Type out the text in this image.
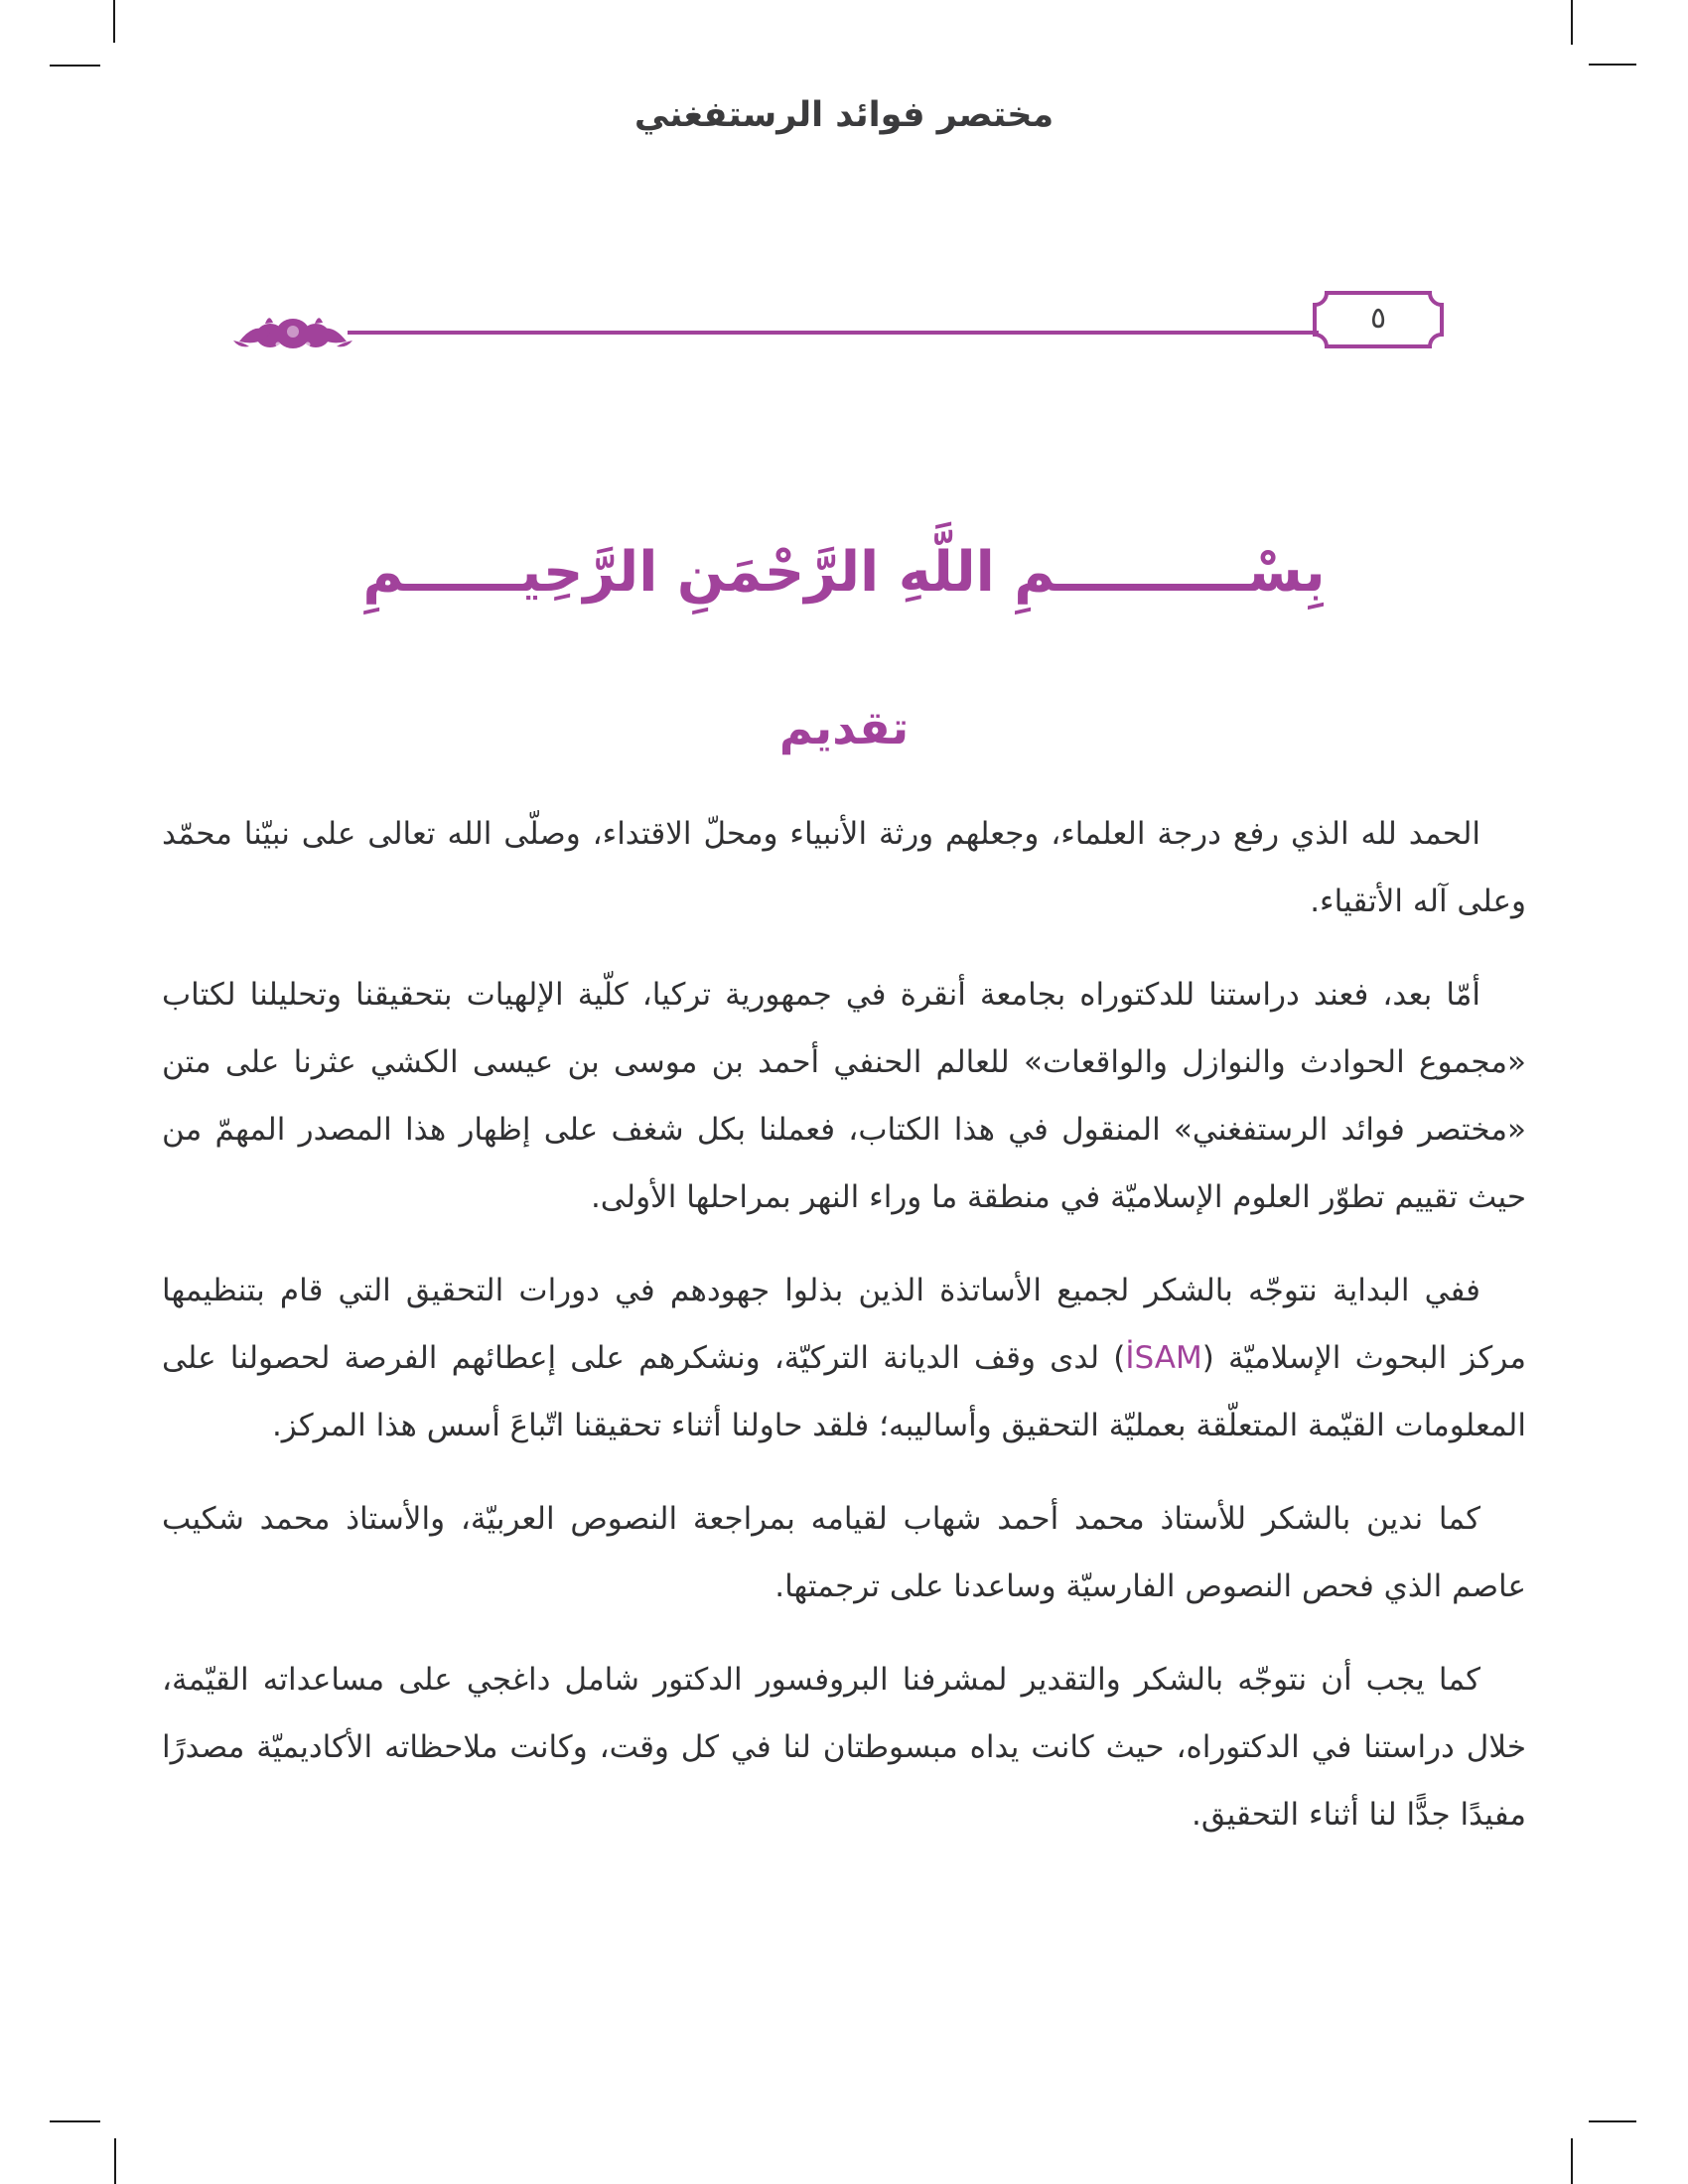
مختصر فوائد الرستفغني
٥
بِسْــــــــــمِ اللَّهِ الرَّحْمَنِ الرَّحِيــــــمِ
تقديم

الحمد لله الذي رفع درجة العلماء، وجعلهم ورثة الأنبياء ومحلّ الاقتداء، وصلّى الله تعالى على نبيّنا محمّد وعلى آله الأتقياء.

أمّا بعد، فعند دراستنا للدكتوراه بجامعة أنقرة في جمهورية تركيا، كلّية الإلهيات بتحقيقنا وتحليلنا لكتاب «مجموع الحوادث والنوازل والواقعات» للعالم الحنفي أحمد بن موسى بن عيسى الكشي عثرنا على متن «مختصر فوائد الرستفغني» المنقول في هذا الكتاب، فعملنا بكل شغف على إظهار هذا المصدر المهمّ من حيث تقييم تطوّر العلوم الإسلاميّة في منطقة ما وراء النهر بمراحلها الأولى.

ففي البداية نتوجّه بالشكر لجميع الأساتذة الذين بذلوا جهودهم في دورات التحقيق التي قام بتنظيمها مركز البحوث الإسلاميّة (İSAM) لدى وقف الديانة التركيّة، ونشكرهم على إعطائهم الفرصة لحصولنا على المعلومات القيّمة المتعلّقة بعمليّة التحقيق وأساليبه؛ فلقد حاولنا أثناء تحقيقنا اتّباعَ أسس هذا المركز.

كما ندين بالشكر للأستاذ محمد أحمد شهاب لقيامه بمراجعة النصوص العربيّة، والأستاذ محمد شكيب عاصم الذي فحص النصوص الفارسيّة وساعدنا على ترجمتها.

كما يجب أن نتوجّه بالشكر والتقدير لمشرفنا البروفسور الدكتور شامل داغجي على مساعداته القيّمة، خلال دراستنا في الدكتوراه، حيث كانت يداه مبسوطتان لنا في كل وقت، وكانت ملاحظاته الأكاديميّة مصدرًا مفيدًا جدًّا لنا أثناء التحقيق.
